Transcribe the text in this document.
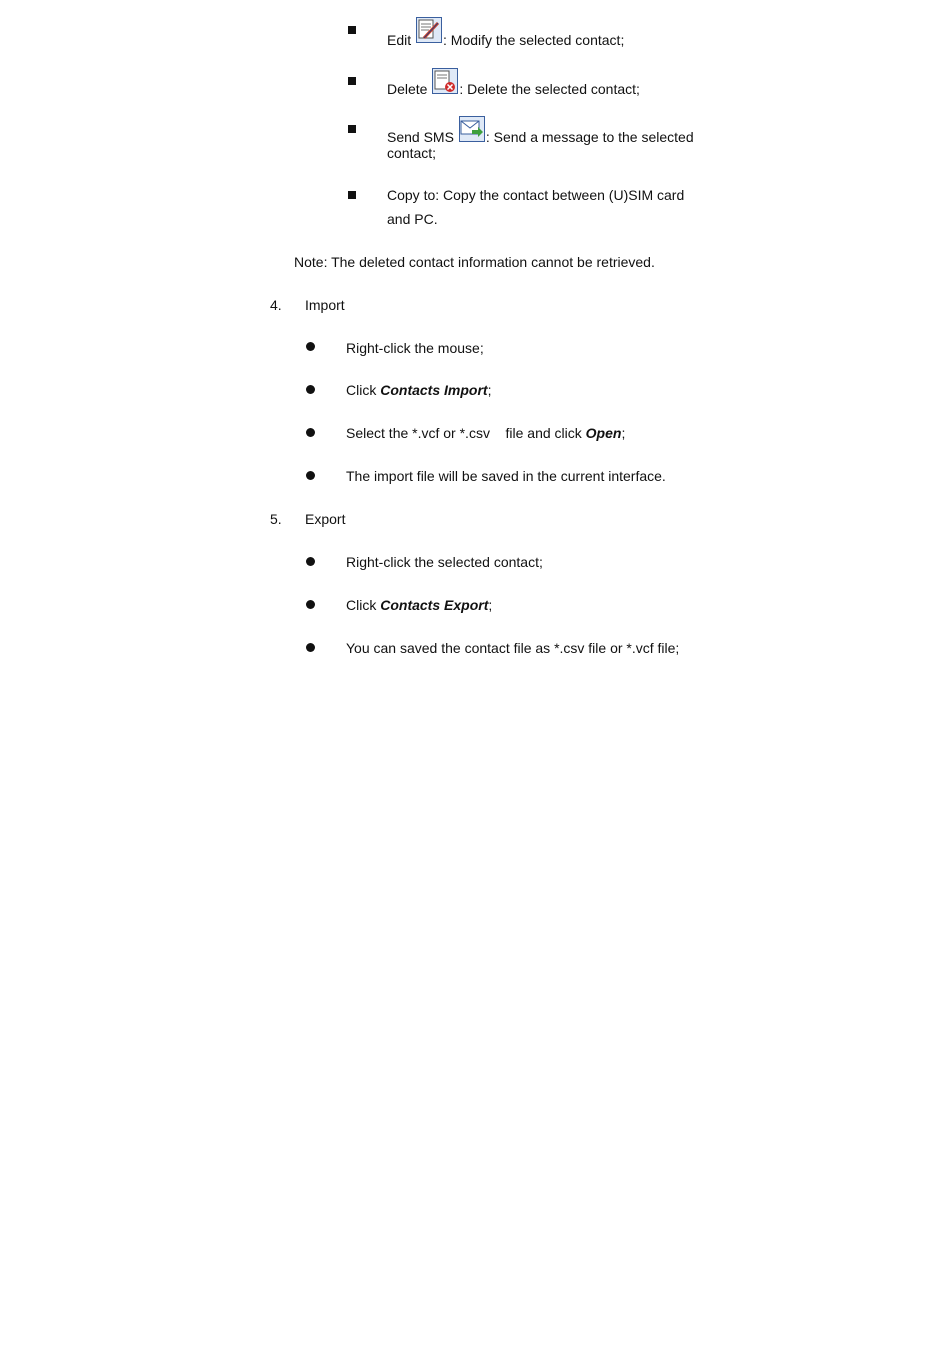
Edit : Modify the selected contact;
Delete : Delete the selected contact;
Send SMS : Send a message to the selected
contact;
Copy to: Copy the contact between (U)SIM card
and PC.
Note: The deleted contact information cannot be retrieved.
4. Import
Right-click the mouse;
Click Contacts Import;
Select the *.vcf or *.csv    file and click Open;
The import file will be saved in the current interface.
5. Export
Right-click the selected contact;
Click Contacts Export;
You can saved the contact file as *.csv file or *.vcf file;
